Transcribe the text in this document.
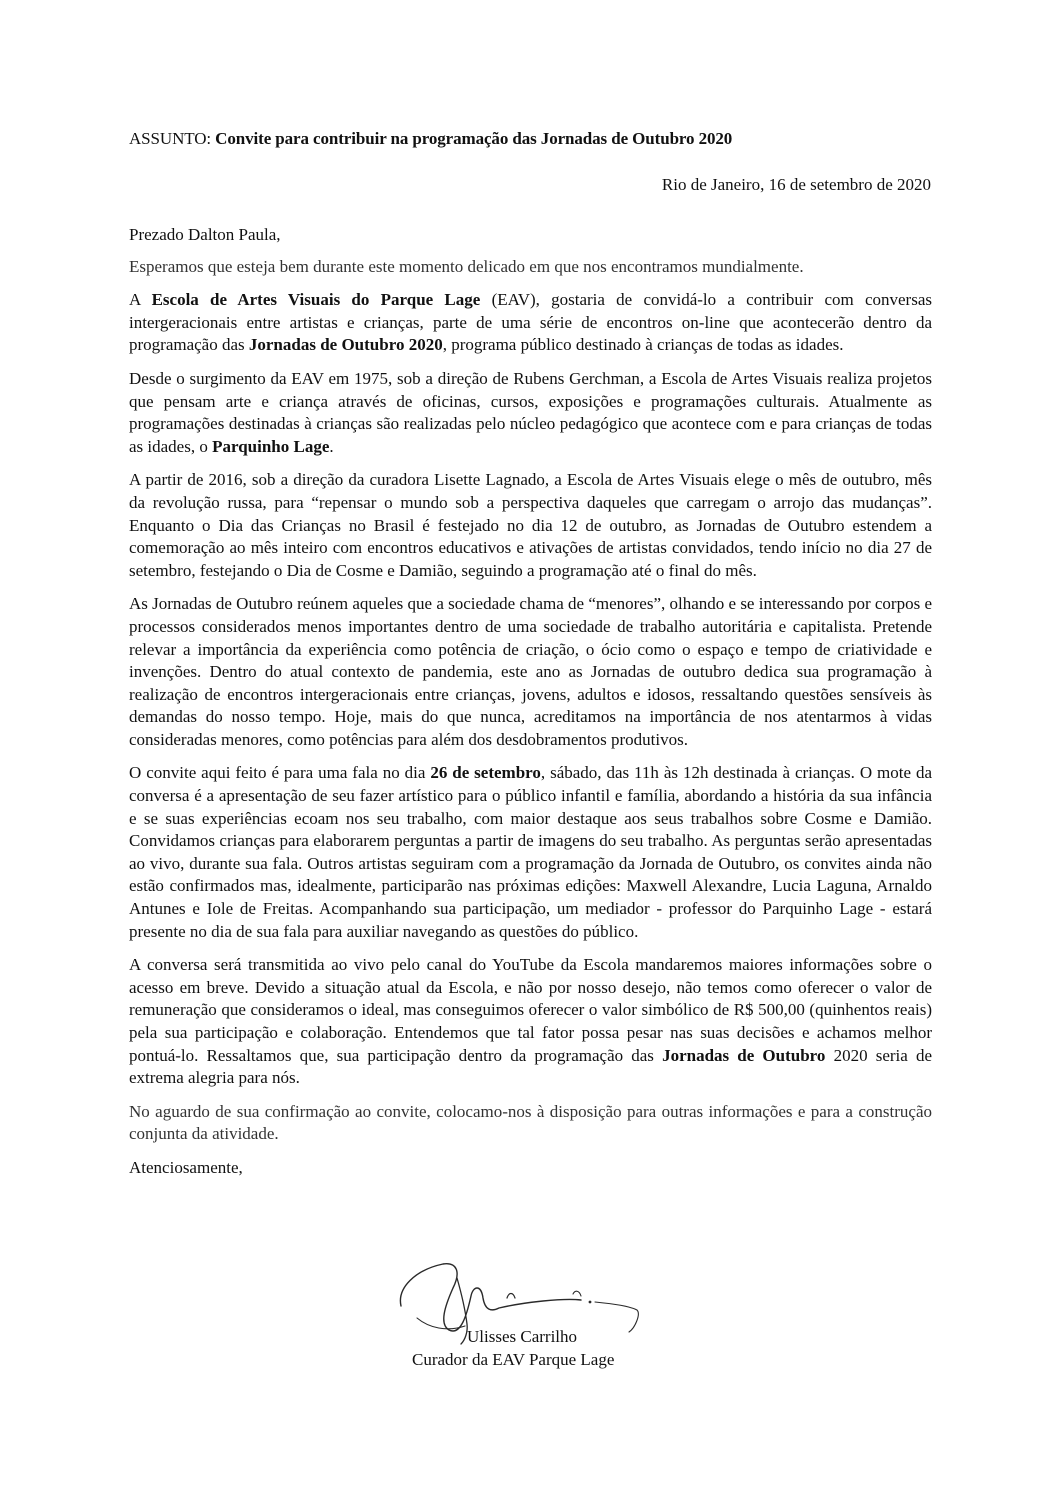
ASSUNTO: Convite para contribuir na programação das Jornadas de Outubro 2020
Rio de Janeiro, 16 de setembro de 2020

Prezado Dalton Paula,

Esperamos que esteja bem durante este momento delicado em que nos encontramos mundialmente.

A Escola de Artes Visuais do Parque Lage (EAV), gostaria de convidá-lo a contribuir com conversas intergeracionais entre artistas e crianças, parte de uma série de encontros on-line que acontecerão dentro da programação das Jornadas de Outubro 2020, programa público destinado à crianças de todas as idades.

Desde o surgimento da EAV em 1975, sob a direção de Rubens Gerchman, a Escola de Artes Visuais realiza projetos que pensam arte e criança através de oficinas, cursos, exposições e programações culturais. Atualmente as programações destinadas à crianças são realizadas pelo núcleo pedagógico que acontece com e para crianças de todas as idades, o Parquinho Lage.

A partir de 2016, sob a direção da curadora Lisette Lagnado, a Escola de Artes Visuais elege o mês de outubro, mês da revolução russa, para “repensar o mundo sob a perspectiva daqueles que carregam o arrojo das mudanças”. Enquanto o Dia das Crianças no Brasil é festejado no dia 12 de outubro, as Jornadas de Outubro estendem a comemoração ao mês inteiro com encontros educativos e ativações de artistas convidados, tendo início no dia 27 de setembro, festejando o Dia de Cosme e Damião, seguindo a programação até o final do mês.

As Jornadas de Outubro reúnem aqueles que a sociedade chama de “menores”, olhando e se interessando por corpos e processos considerados menos importantes dentro de uma sociedade de trabalho autoritária e capitalista. Pretende relevar a importância da experiência como potência de criação, o ócio como o espaço e tempo de criatividade e invenções. Dentro do atual contexto de pandemia, este ano as Jornadas de outubro dedica sua programação à realização de encontros intergeracionais entre crianças, jovens, adultos e idosos, ressaltando questões sensíveis às demandas do nosso tempo. Hoje, mais do que nunca, acreditamos na importância de nos atentarmos à vidas consideradas menores, como potências para além dos desdobramentos produtivos.

O convite aqui feito é para uma fala no dia 26 de setembro, sábado, das 11h às 12h destinada à crianças. O mote da conversa é a apresentação de seu fazer artístico para o público infantil e família, abordando a história da sua infância e se suas experiências ecoam nos seu trabalho, com maior destaque aos seus trabalhos sobre Cosme e Damião. Convidamos crianças para elaborarem perguntas a partir de imagens do seu trabalho. As perguntas serão apresentadas ao vivo, durante sua fala. Outros artistas seguiram com a programação da Jornada de Outubro, os convites ainda não estão confirmados mas, idealmente, participarão nas próximas edições: Maxwell Alexandre, Lucia Laguna, Arnaldo Antunes e Iole de Freitas. Acompanhando sua participação, um mediador - professor do Parquinho Lage - estará presente no dia de sua fala para auxiliar navegando as questões do público.

A conversa será transmitida ao vivo pelo canal do YouTube da Escola mandaremos maiores informações sobre o acesso em breve. Devido a situação atual da Escola, e não por nosso desejo, não temos como oferecer o valor de remuneração que consideramos o ideal, mas conseguimos oferecer o valor simbólico de R$ 500,00 (quinhentos reais) pela sua participação e colaboração. Entendemos que tal fator possa pesar nas suas decisões e achamos melhor pontuá-lo. Ressaltamos que, sua participação dentro da programação das Jornadas de Outubro 2020 seria de extrema alegria para nós.

No aguardo de sua confirmação ao convite, colocamo-nos à disposição para outras informações e para a construção conjunta da atividade.

Atenciosamente,

Ulisses Carrilho
Curador da EAV Parque Lage
